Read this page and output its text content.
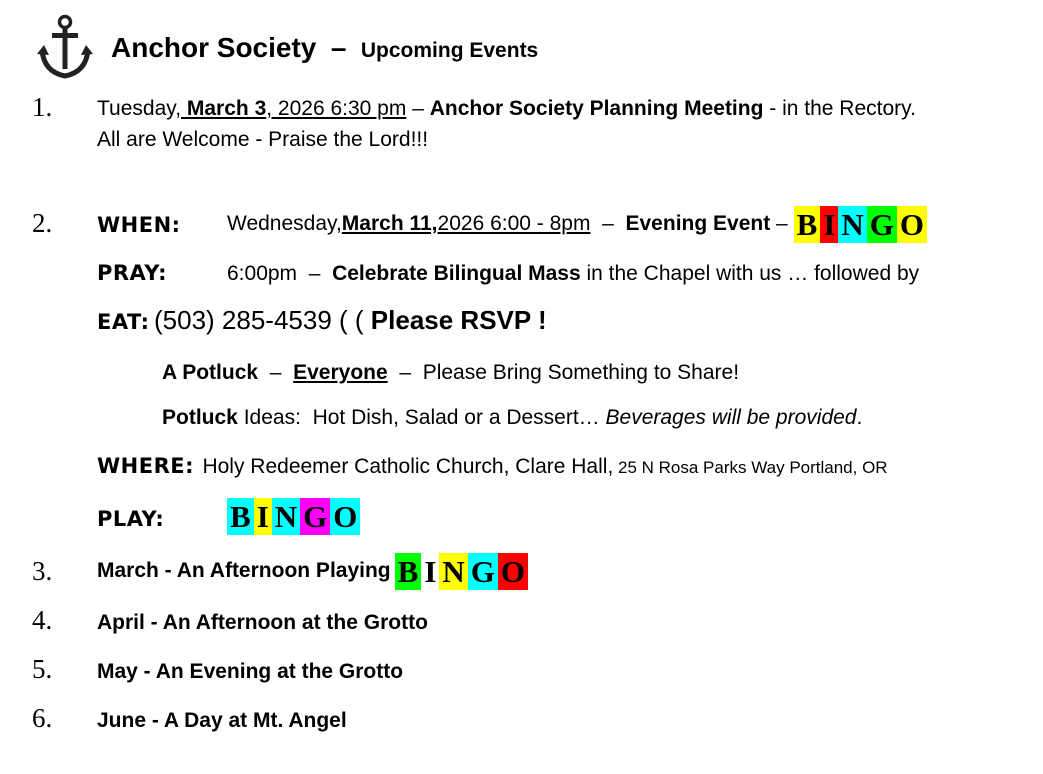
Anchor Society – Upcoming Events
1. Tuesday, March 3, 2026 6:30 pm – Anchor Society Planning Meeting - in the Rectory.
All are Welcome - Praise the Lord!!!
2. WHEN: Wednesday, March 11, 2026 6:00 - 8pm – Evening Event – B I N G O
PRAY:	6:00pm  –  Celebrate Bilingual Mass in the Chapel with us … followed by
EAT: (503) 285-4539 ( ( Please RSVP !
A Potluck  –  Everyone  –  Please Bring Something to Share!
Potluck Ideas:  Hot Dish, Salad or a Dessert… Beverages will be provided.
WHERE: Holy Redeemer Catholic Church, Clare Hall, 25 N Rosa Parks Way Portland, OR
PLAY: B I N G O
3. March - An Afternoon Playing B I N G O
4. April - An Afternoon at the Grotto
5. May - An Evening at the Grotto
6. June - A Day at Mt. Angel
